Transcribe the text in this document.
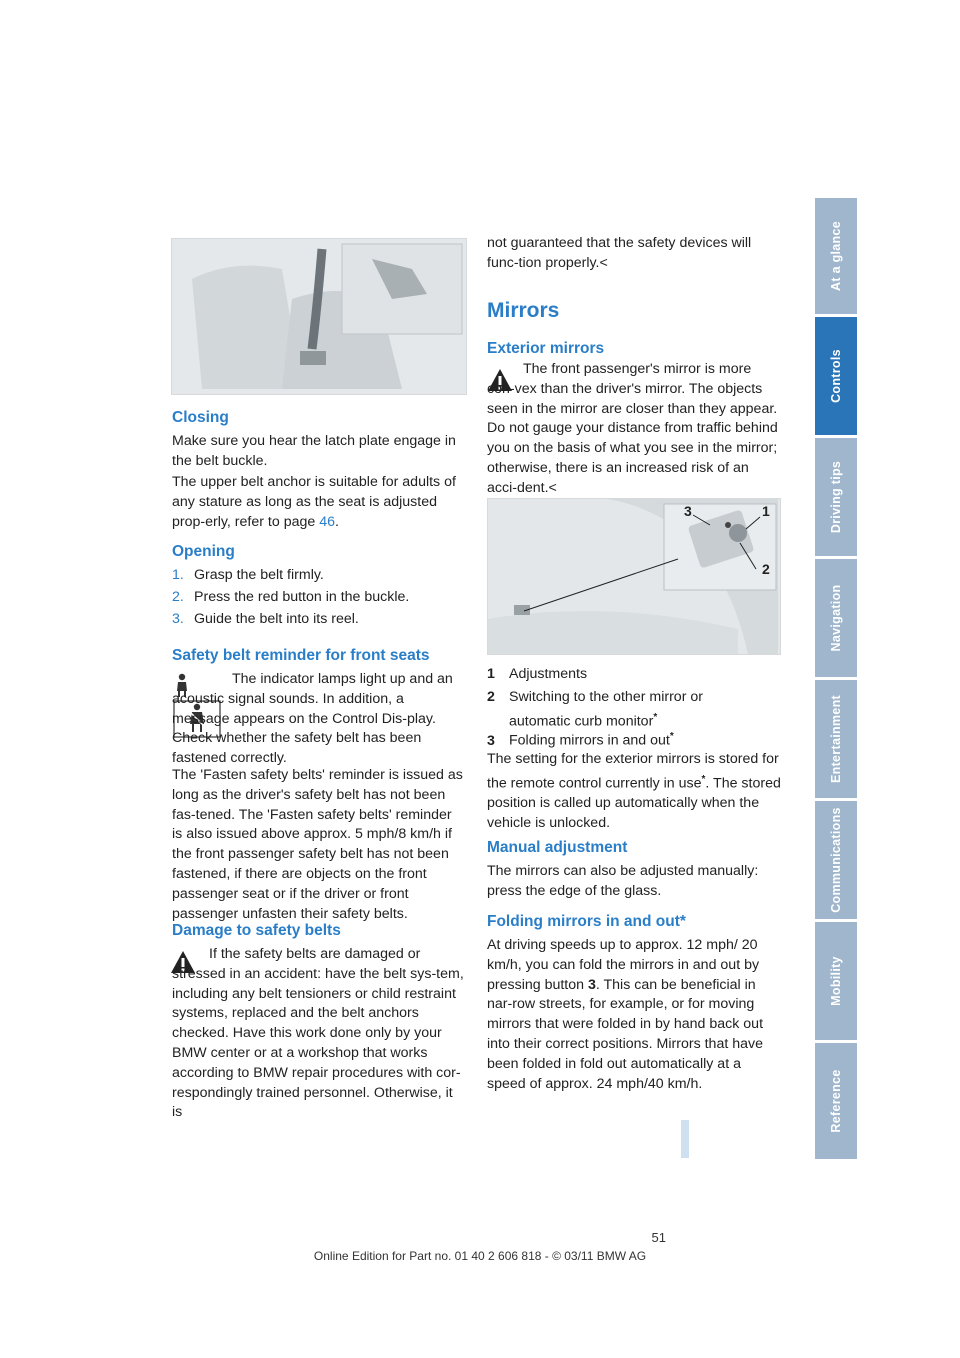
At a glance
Controls
Driving tips
Navigation
Entertainment
Communications
Mobility
Reference
Closing

Make sure you hear the latch plate engage in the belt buckle.

The upper belt anchor is suitable for adults of any stature as long as the seat is adjusted prop-erly, refer to page 46.

Opening
1. Grasp the belt firmly.
2. Press the red button in the buckle.
3. Guide the belt into its reel.
Safety belt reminder for front seats

The indicator lamps light up and an acoustic signal sounds. In addition, a message appears on the Control Dis-play. Check whether the safety belt has been fastened correctly.

The 'Fasten safety belts' reminder is issued as long as the driver's safety belt has not been fas-tened. The 'Fasten safety belts' reminder is also issued above approx. 5 mph/8 km/h if the front passenger safety belt has not been fastened, if there are objects on the front passenger seat or if the driver or front passenger unfasten their safety belts.

Damage to safety belts

If the safety belts are damaged or stressed in an accident: have the belt sys-tem, including any belt tensioners or child restraint systems, replaced and the belt anchors checked. Have this work done only by your BMW center or at a workshop that works according to BMW repair procedures with cor-respondingly trained personnel. Otherwise, it is

not guaranteed that the safety devices will func-tion properly.<

Mirrors
Exterior mirrors

The front passenger's mirror is more con-vex than the driver's mirror. The objects seen in the mirror are closer than they appear. Do not gauge your distance from traffic behind you on the basis of what you see in the mirror; otherwise, there is an increased risk of an acci-dent.<

3	1
2
1 Adjustments
2 Switching to the other mirror or automatic curb monitor*
3 Folding mirrors in and out*

The setting for the exterior mirrors is stored for the remote control currently in use*. The stored position is called up automatically when the vehicle is unlocked.

Manual adjustment

The mirrors can also be adjusted manually: press the edge of the glass.

Folding mirrors in and out*

At driving speeds up to approx. 12 mph/ 20 km/h, you can fold the mirrors in and out by pressing button 3. This can be beneficial in nar-row streets, for example, or for moving mirrors that were folded in by hand back out into their correct positions. Mirrors that have been folded in fold out automatically at a speed of approx. 24 mph/40 km/h.

51
Online Edition for Part no. 01 40 2 606 818 - © 03/11 BMW AG
